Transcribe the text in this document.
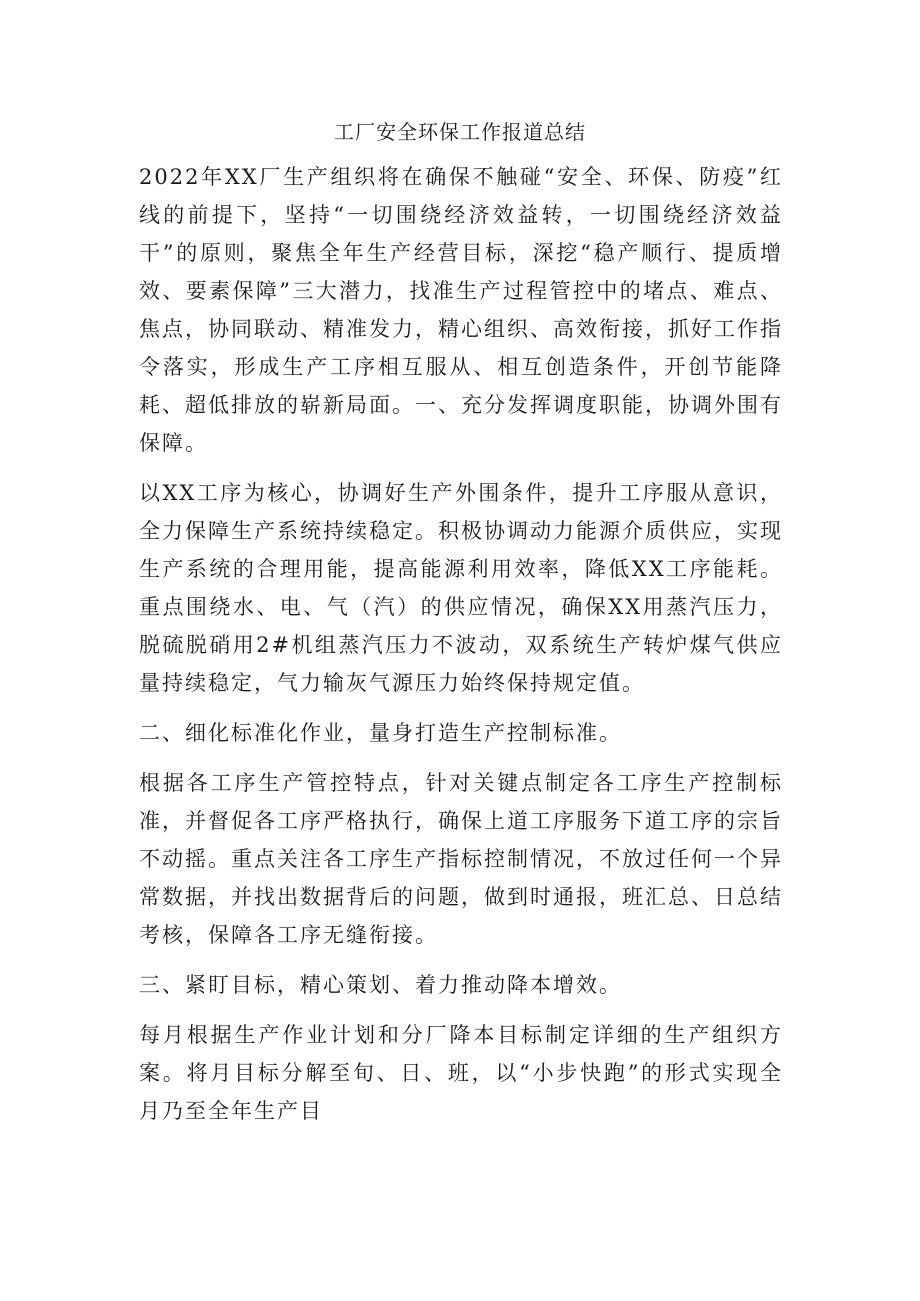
工厂安全环保工作报道总结

2022年XX厂生产组织将在确保不触碰“安全、环保、防疫”红线的前提下，坚持“一切围绕经济效益转，一切围绕经济效益干”的原则，聚焦全年生产经营目标，深挖“稳产顺行、提质增效、要素保障”三大潜力，找准生产过程管控中的堵点、难点、焦点，协同联动、精准发力，精心组织、高效衔接，抓好工作指令落实，形成生产工序相互服从、相互创造条件，开创节能降耗、超低排放的崭新局面。一、充分发挥调度职能，协调外围有保障。

以XX工序为核心，协调好生产外围条件，提升工序服从意识，全力保障生产系统持续稳定。积极协调动力能源介质供应，实现生产系统的合理用能，提高能源利用效率，降低XX工序能耗。重点围绕水、电、气（汽）的供应情况，确保XX用蒸汽压力，脱硫脱硝用2#机组蒸汽压力不波动，双系统生产转炉煤气供应量持续稳定，气力输灰气源压力始终保持规定值。

二、细化标准化作业，量身打造生产控制标准。

根据各工序生产管控特点，针对关键点制定各工序生产控制标准，并督促各工序严格执行，确保上道工序服务下道工序的宗旨不动摇。重点关注各工序生产指标控制情况，不放过任何一个异常数据，并找出数据背后的问题，做到时通报，班汇总、日总结考核，保障各工序无缝衔接。

三、紧盯目标，精心策划、着力推动降本增效。

每月根据生产作业计划和分厂降本目标制定详细的生产组织方案。将月目标分解至旬、日、班，以“小步快跑”的形式实现全月乃至全年生产目
